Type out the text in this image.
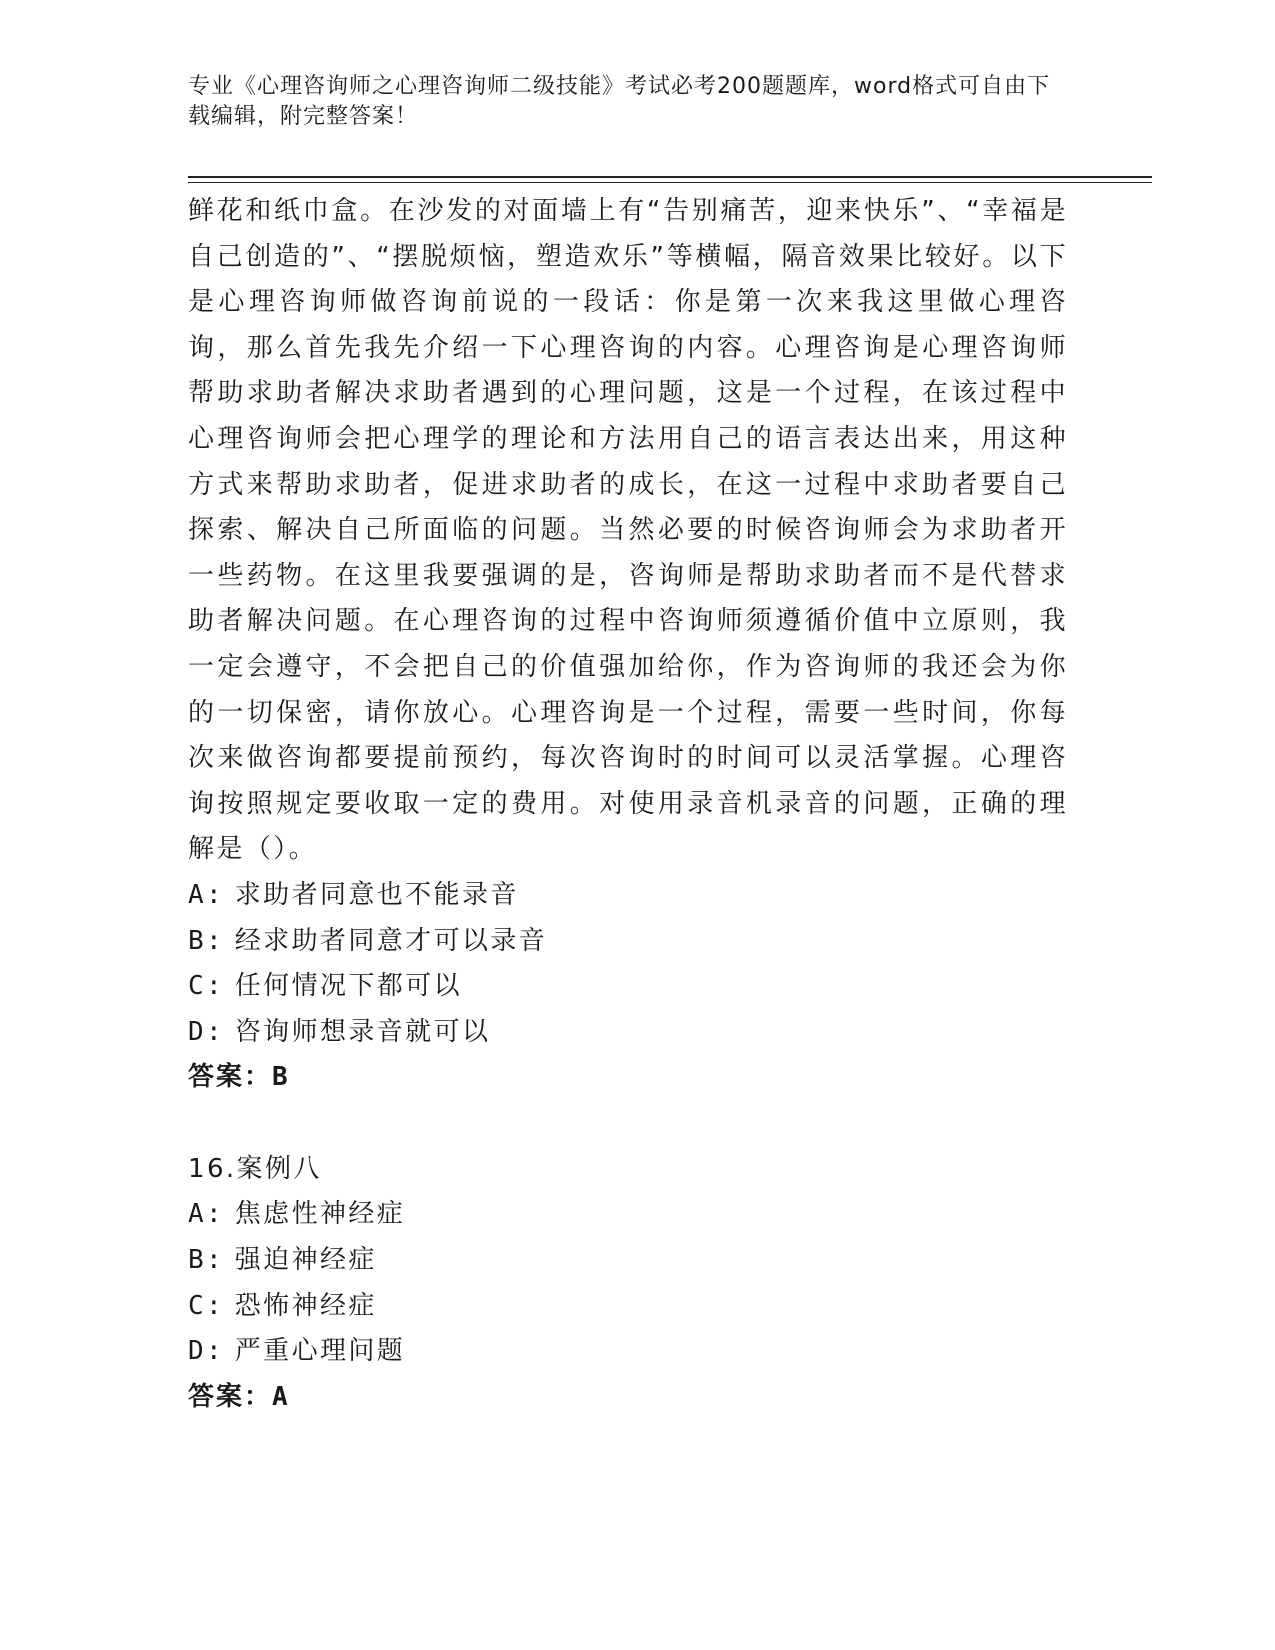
专业《心理咨询师之心理咨询师二级技能》考试必考200题题库，word格式可自由下载编辑，附完整答案！

鲜花和纸巾盒。在沙发的对面墙上有“告别痛苦，迎来快乐”、“幸福是自己创造的”、“摆脱烦恼，塑造欢乐”等横幅，隔音效果比较好。以下是心理咨询师做咨询前说的一段话：你是第一次来我这里做心理咨询，那么首先我先介绍一下心理咨询的内容。心理咨询是心理咨询师帮助求助者解决求助者遇到的心理问题，这是一个过程，在该过程中心理咨询师会把心理学的理论和方法用自己的语言表达出来，用这种方式来帮助求助者，促进求助者的成长，在这一过程中求助者要自己探索、解决自己所面临的问题。当然必要的时候咨询师会为求助者开一些药物。在这里我要强调的是，咨询师是帮助求助者而不是代替求助者解决问题。在心理咨询的过程中咨询师须遵循价值中立原则，我一定会遵守，不会把自己的价值强加给你，作为咨询师的我还会为你的一切保密，请你放心。心理咨询是一个过程，需要一些时间，你每次来做咨询都要提前预约，每次咨询时的时间可以灵活掌握。心理咨询按照规定要收取一定的费用。对使用录音机录音的问题，正确的理解是（）。

A: 求助者同意也不能录音

B: 经求助者同意才可以录音

C: 任何情况下都可以

D: 咨询师想录音就可以

答案：B

16.案例八

A: 焦虑性神经症

B: 强迫神经症

C: 恐怖神经症

D: 严重心理问题

答案：A
